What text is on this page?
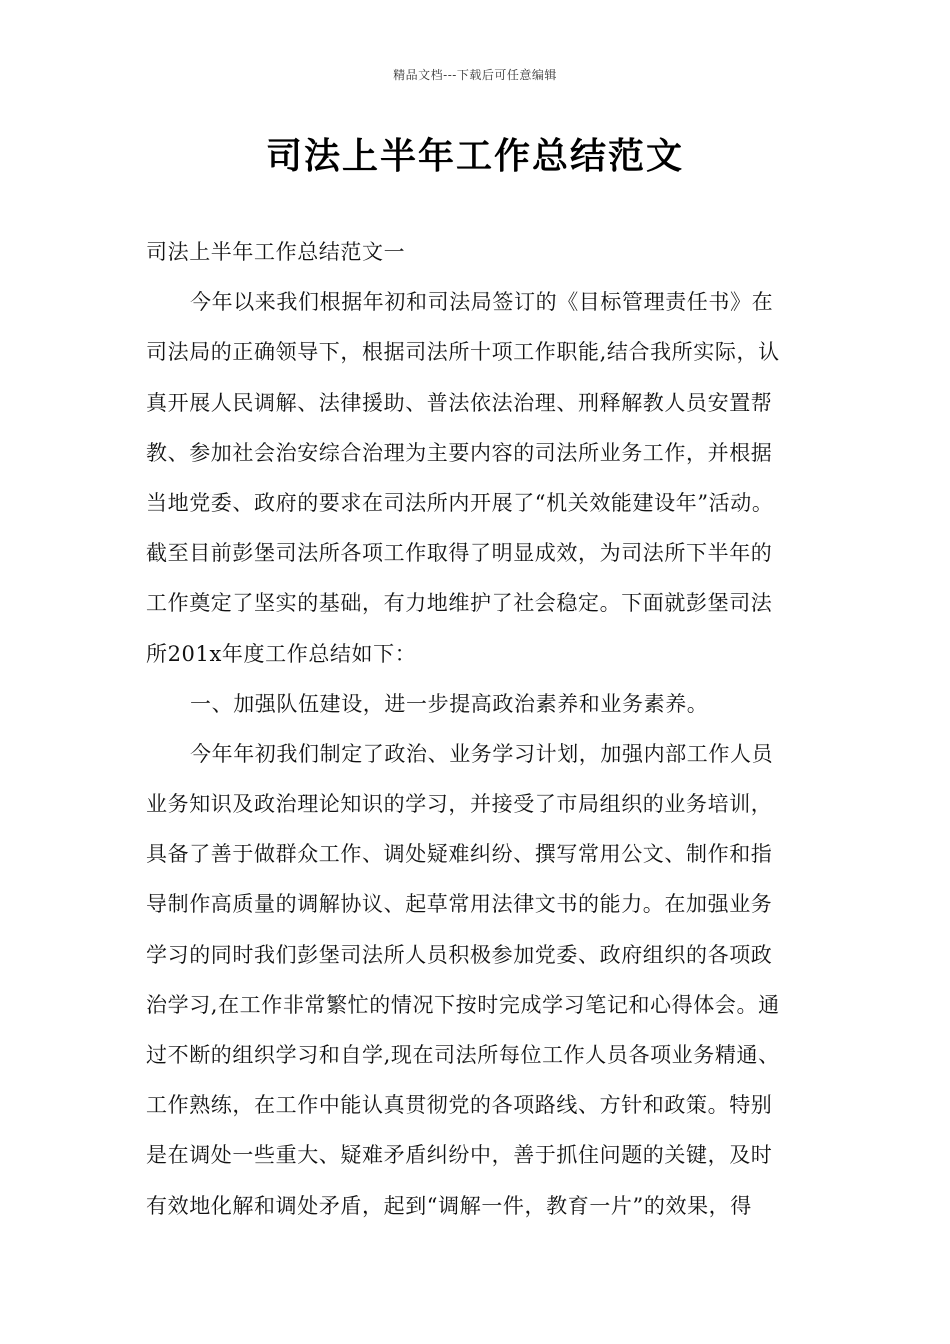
精品文档---下载后可任意编辑
司法上半年工作总结范文
司法上半年工作总结范文一
今年以来我们根据年初和司法局签订的《目标管理责任书》在
司法局的正确领导下，根据司法所十项工作职能,结合我所实际，认
真开展人民调解、法律援助、普法依法治理、刑释解教人员安置帮
教、参加社会治安综合治理为主要内容的司法所业务工作，并根据
当地党委、政府的要求在司法所内开展了“机关效能建设年”活动。
截至目前彭堡司法所各项工作取得了明显成效，为司法所下半年的
工作奠定了坚实的基础，有力地维护了社会稳定。下面就彭堡司法
所201x年度工作总结如下：
一、加强队伍建设，进一步提高政治素养和业务素养。
今年年初我们制定了政治、业务学习计划，加强内部工作人员
业务知识及政治理论知识的学习，并接受了市局组织的业务培训，
具备了善于做群众工作、调处疑难纠纷、撰写常用公文、制作和指
导制作高质量的调解协议、起草常用法律文书的能力。在加强业务
学习的同时我们彭堡司法所人员积极参加党委、政府组织的各项政
治学习,在工作非常繁忙的情况下按时完成学习笔记和心得体会。通
过不断的组织学习和自学,现在司法所每位工作人员各项业务精通、
工作熟练，在工作中能认真贯彻党的各项路线、方针和政策。特别
是在调处一些重大、疑难矛盾纠纷中，善于抓住问题的关键，及时
有效地化解和调处矛盾，起到“调解一件，教育一片”的效果，得
